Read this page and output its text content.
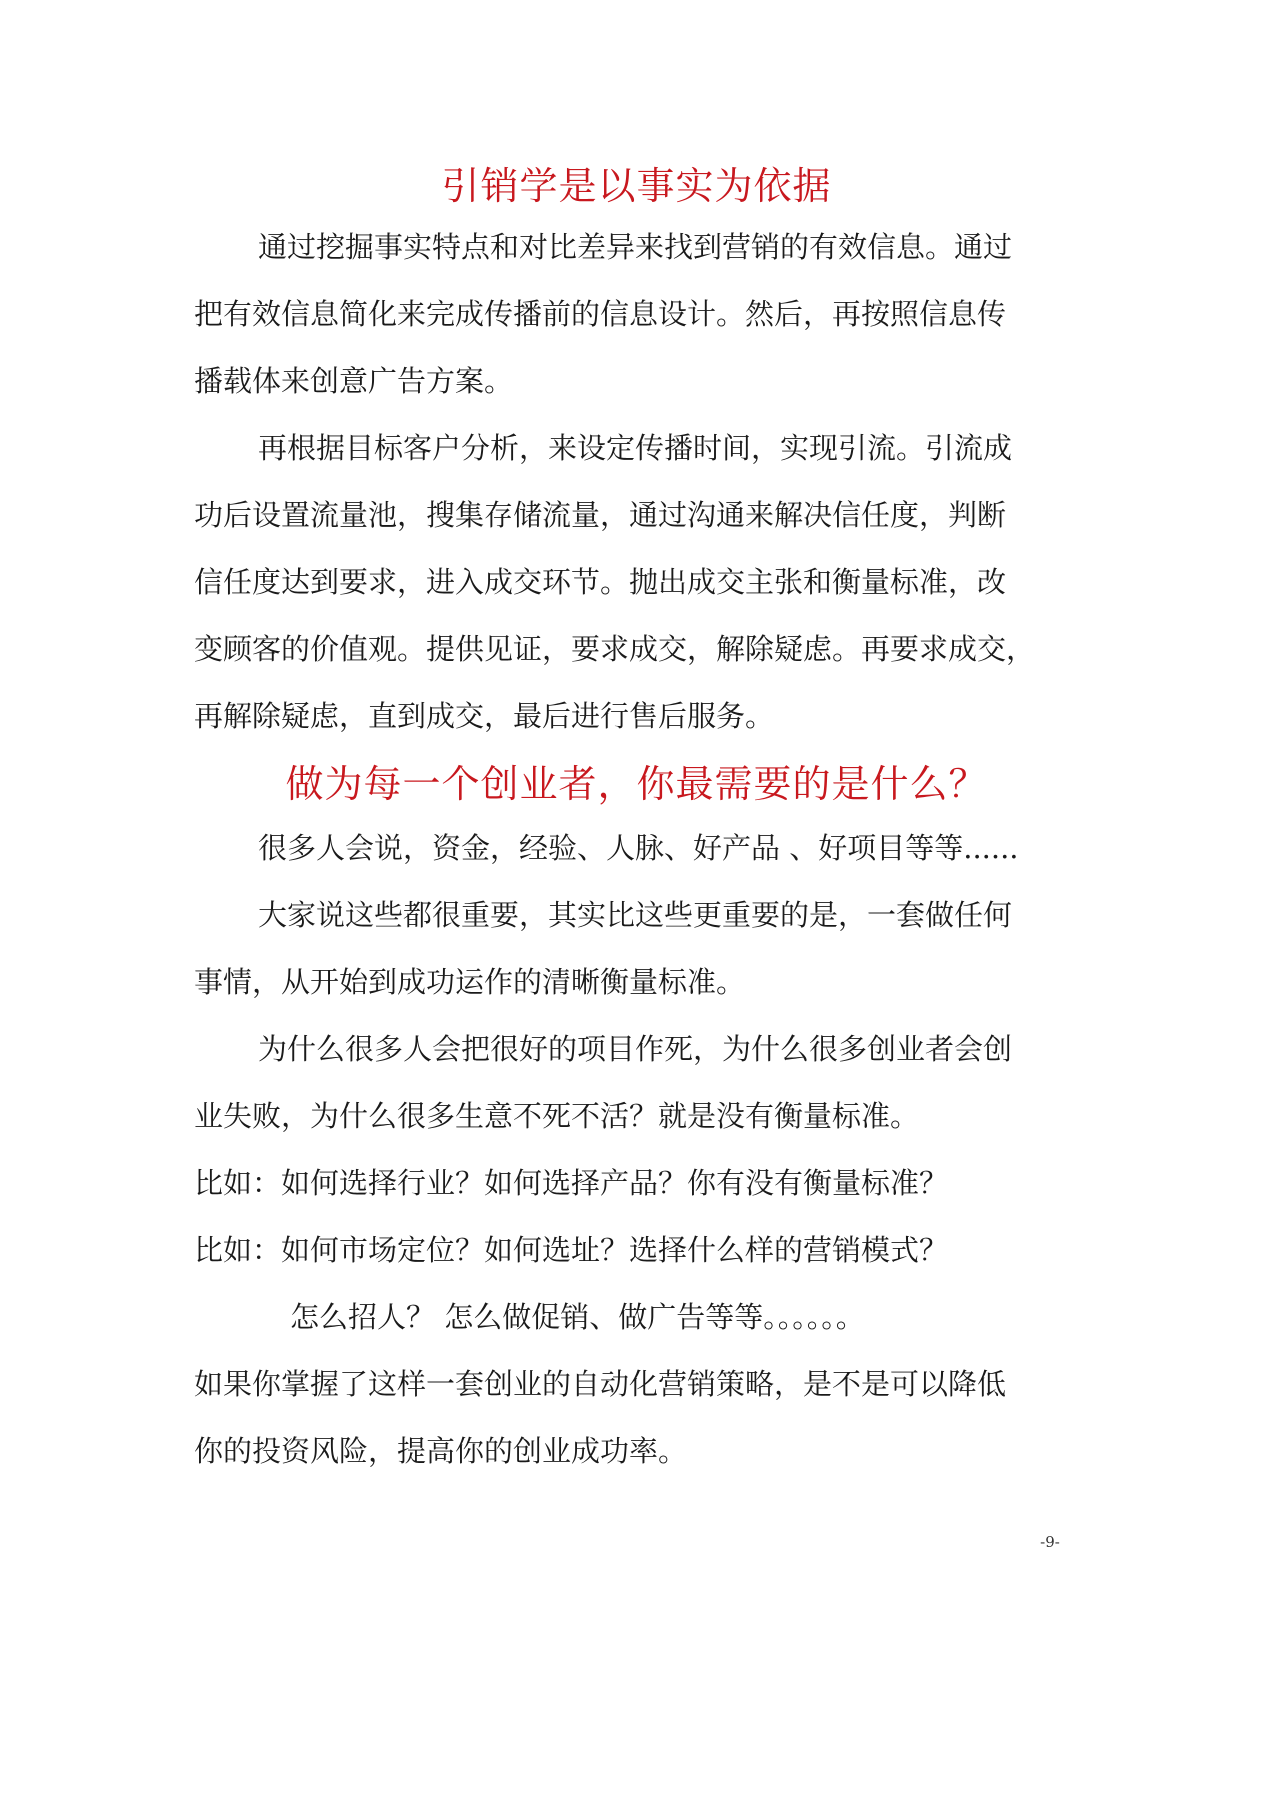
引销学是以事实为依据
通过挖掘事实特点和对比差异来找到营销的有效信息。通过
把有效信息简化来完成传播前的信息设计。然后，再按照信息传
播载体来创意广告方案。
再根据目标客户分析，来设定传播时间，实现引流。引流成
功后设置流量池，搜集存储流量，通过沟通来解决信任度，判断
信任度达到要求，进入成交环节。抛出成交主张和衡量标准，改
变顾客的价值观。提供见证，要求成交，解除疑虑。再要求成交，
再解除疑虑，直到成交，最后进行售后服务。
做为每一个创业者，你最需要的是什么？
很多人会说，资金，经验、人脉、好产品 、好项目等等......
大家说这些都很重要，其实比这些更重要的是，一套做任何
事情，从开始到成功运作的清晰衡量标准。
为什么很多人会把很好的项目作死，为什么很多创业者会创
业失败，为什么很多生意不死不活？就是没有衡量标准。
比如：如何选择行业？如何选择产品？你有没有衡量标准？
比如：如何市场定位？如何选址？选择什么样的营销模式？
怎么招人？ 怎么做促销、做广告等等。。。。。。
如果你掌握了这样一套创业的自动化营销策略，是不是可以降低
你的投资风险，提高你的创业成功率。
-9-
